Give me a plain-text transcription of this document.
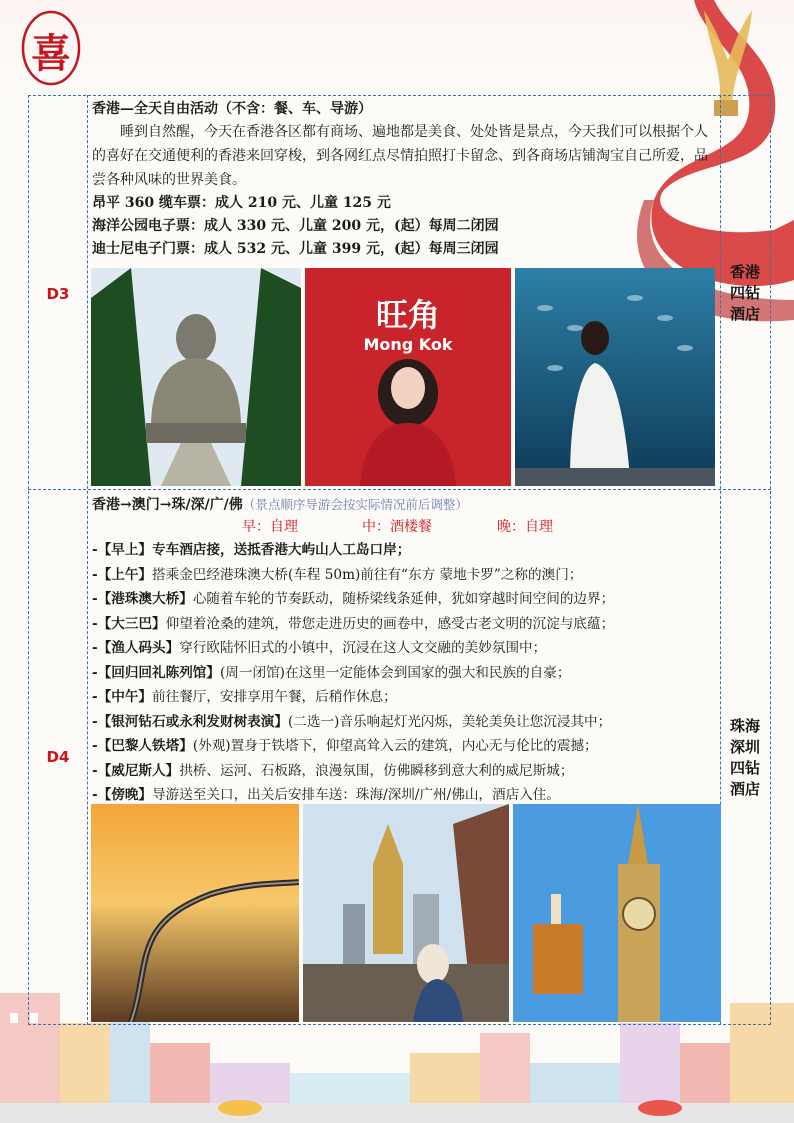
喜
D3
香港—全天自由活动（不含：餐、车、导游）
睡到自然醒，今天在香港各区都有商场、遍地都是美食、处处皆是景点，今天我们可以根据个人的喜好在交通便利的香港来回穿梭，到各网红点尽情拍照打卡留念、到各商场店铺淘宝自己所爱，品尝各种风味的世界美食。
昂平 360 缆车票：成人 210 元、儿童 125 元
海洋公园电子票：成人 330 元、儿童 200 元，(起）每周二闭园
迪士尼电子门票：成人 532 元、儿童 399 元，(起）每周三闭园
香港
四钻
酒店
旺角
Mong Kok
D4
香港→澳门→珠/深/广/佛（景点顺序导游会按实际情况前后调整）
早：自理	中：酒楼餐	晚：自理
-【早上】专车酒店接，送抵香港大屿山人工岛口岸；
-【上午】搭乘金巴经港珠澳大桥(车程 50m)前往有“东方 蒙地卡罗”之称的澳门；
-【港珠澳大桥】心随着车轮的节奏跃动，随桥梁线条延伸，犹如穿越时间空间的边界；
-【大三巴】仰望着沧桑的建筑，带您走进历史的画卷中，感受古老文明的沉淀与底蕴；
-【渔人码头】穿行欧陆怀旧式的小镇中，沉浸在这人文交融的美妙氛围中；
-【回归回礼陈列馆】(周一闭馆)在这里一定能体会到国家的强大和民族的自豪；
-【中午】前往餐厅，安排享用午餐，后稍作休息；
-【银河钻石或永利发财树表演】(二选一)音乐响起灯光闪烁，美轮美奂让您沉浸其中；
-【巴黎人铁塔】(外观)置身于铁塔下，仰望高耸入云的建筑，内心无与伦比的震撼；
-【威尼斯人】拱桥、运河、石板路，浪漫氛围，仿佛瞬移到意大利的威尼斯城；
-【傍晚】导游送至关口，出关后安排车送：珠海/深圳/广州/佛山，酒店入住。
珠海
深圳
四钻
酒店
